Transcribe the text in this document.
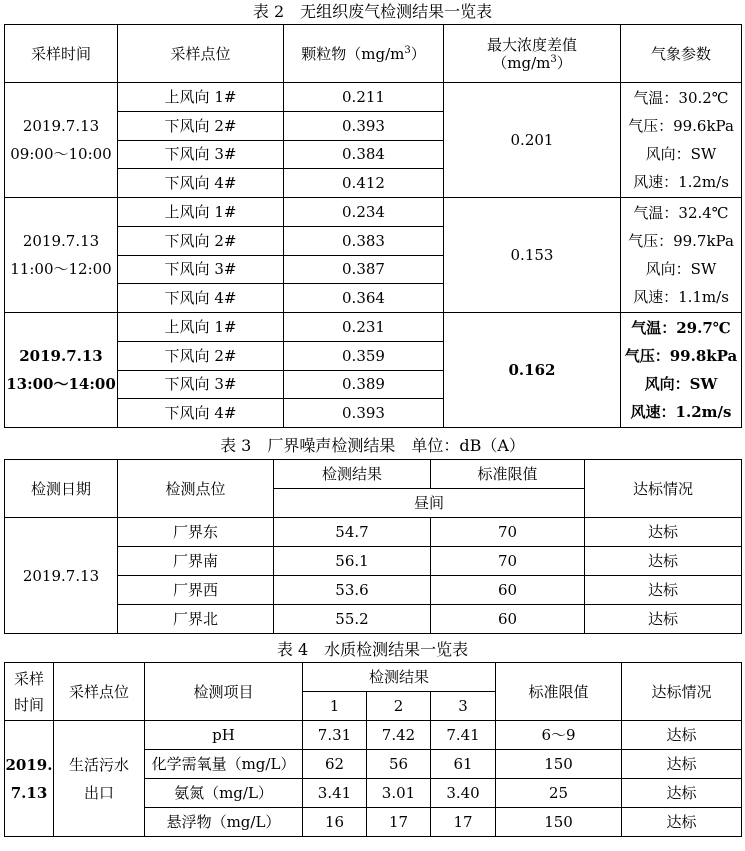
表 2　无组织废气检测结果一览表
采样时间	采样点位	颗粒物$(mg/m^3)$	最大浓度差值
$(mg/m^3)$	气象参数

2019.7.13
09:00～10:00	上风向 1#	0.211	0.201	气温：30.2℃
气压：99.6kPa
风向：SW
风速：1.2m/s

	下风向 2#	0.393		
	下风向 3#	0.384		
	下风向 4#	0.412		

2019.7.13
11:00～12:00	上风向 1#	0.234	0.153	气温：32.4℃
气压：99.7kPa
风向：SW
风速：1.1m/s

	下风向 2#	0.383		
	下风向 3#	0.387		
	下风向 4#	0.364		

2019.7.13
13:00～14:00	上风向 1#	0.231	0.162	气温：29.7℃
气压：99.8kPa
风向：SW
风速：1.2m/s

	下风向 2#	0.359		
	下风向 3#	0.389		
	下风向 4#	0.393		
表 3　厂界噪声检测结果　单位：dB（A）
检测日期	检测点位	检测结果	标准限值	达标情况
		昼间		
2019.7.13	厂界东	54.7	70	达标
	厂界南	56.1	70	达标
	厂界西	53.6	60	达标
	厂界北	55.2	60	达标
表 4　水质检测结果一览表
采样
时间	采样点位	检测项目	检测结果			标准限值	达标情况
			1	2	3		

2019.
7.13	生活污水
出口	pH	7.31	7.42	7.41	6～9	达标
		化学需氧量（mg/L）	62	56	61	150	达标
		氨氮（mg/L）	3.41	3.01	3.40	25	达标
		悬浮物（mg/L）	16	17	17	150	达标
